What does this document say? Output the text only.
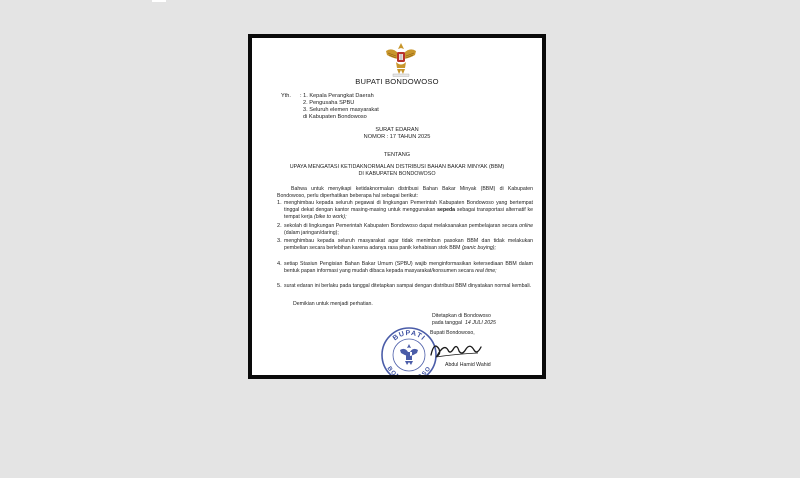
BUPATI BONDOWOSO
Yth. : 1. Kepala Perangkat Daerah
2. Pengusaha SPBU
3. Seluruh elemen masyarakat
di Kabupaten Bondowoso
SURAT EDARAN
NOMOR : 17 TAHUN 2025
TENTANG
UPAYA MENGATASI KETIDAKNORMALAN DISTRIBUSI BAHAN BAKAR MINYAK (BBM)
DI KABUPATEN BONDOWOSO
Bahwa untuk menyikapi ketidaknormalan distribusi Bahan Bakar Minyak (BBM) di Kabupaten Bondowoso, perlu diperhatikan beberapa hal sebagai berikut:
1. menghimbau kepada seluruh pegawai di lingkungan Pemerintah Kabupaten Bondowoso yang bertempat tinggal dekat dengan kantor masing-masing untuk menggunakan sepeda sebagai transportasi alternatif ke tempat kerja (bike to work);
2. sekolah di lingkungan Pemerintah Kabupaten Bondowoso dapat melaksanakan pembelajaran secara online (dalam jaringan/daring);
3. menghimbau kepada seluruh masyarakat agar tidak menimbun pasokan BBM dan tidak melakukan pembelian secara berlebihan karena adanya rasa panik kehabisan stok BBM (panic buying);
4. setiap Stasiun Pengisian Bahan Bakar Umum (SPBU) wajib menginformasikan ketersediaan BBM dalam bentuk papan informasi yang mudah dibaca kepada masyarakat/konsumen secara real time;
5. surat edaran ini berlaku pada tanggal ditetapkan sampai dengan distribusi BBM dinyatakan normal kembali.
Demikian untuk menjadi perhatian.
Ditetapkan di Bondowoso
pada tanggal 14 JULI 2025
Bupati Bondowoso,
BUPATI
BONDOWOSO
Abdul Hamid Wahid
